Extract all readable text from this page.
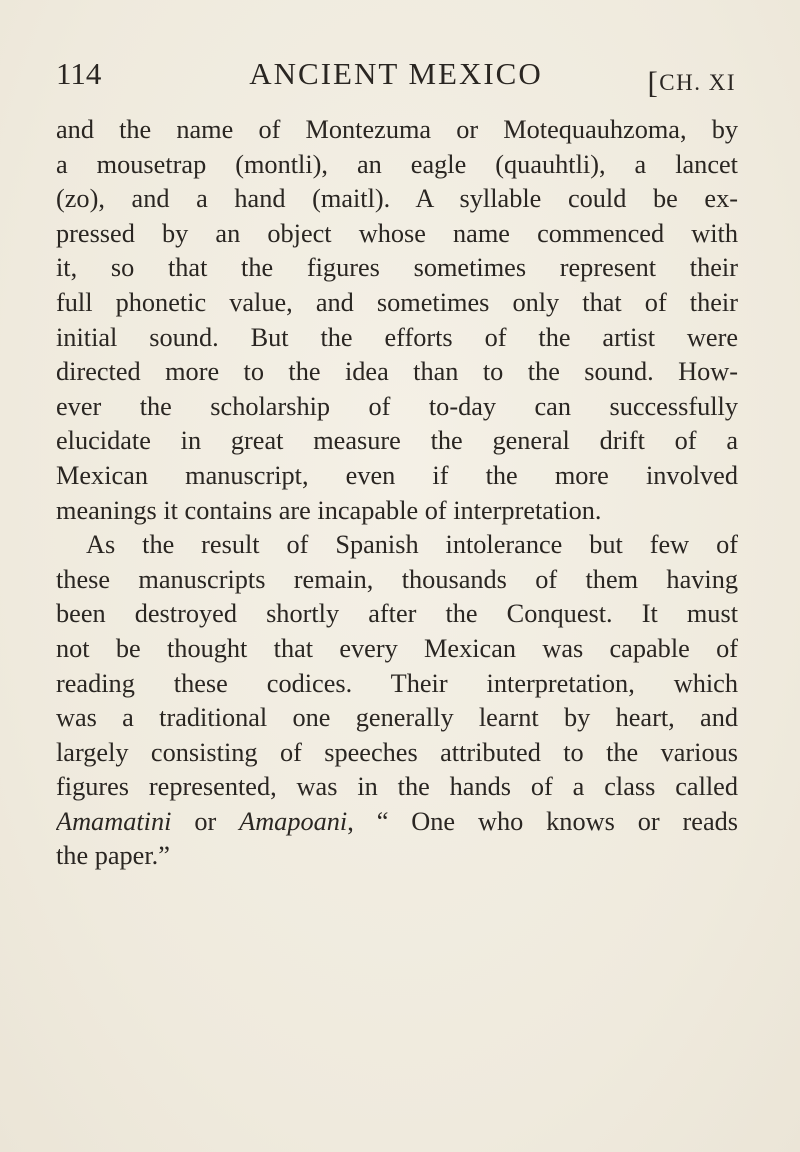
114	ANCIENT MEXICO	[CH. XI
and the name of Montezuma or Motequauhzoma, by
a mousetrap (montli), an eagle (quauhtli), a lancet
(zo), and a hand (maitl). A syllable could be ex-
pressed by an object whose name commenced with
it, so that the figures sometimes represent their
full phonetic value, and sometimes only that of their
initial sound. But the efforts of the artist were
directed more to the idea than to the sound. How-
ever the scholarship of to-day can successfully
elucidate in great measure the general drift of a
Mexican manuscript, even if the more involved
meanings it contains are incapable of interpretation.
As the result of Spanish intolerance but few of
these manuscripts remain, thousands of them having
been destroyed shortly after the Conquest. It must
not be thought that every Mexican was capable of
reading these codices. Their interpretation, which
was a traditional one generally learnt by heart, and
largely consisting of speeches attributed to the various
figures represented, was in the hands of a class called
Amamatini or Amapoani, “ One who knows or reads
the paper.”
